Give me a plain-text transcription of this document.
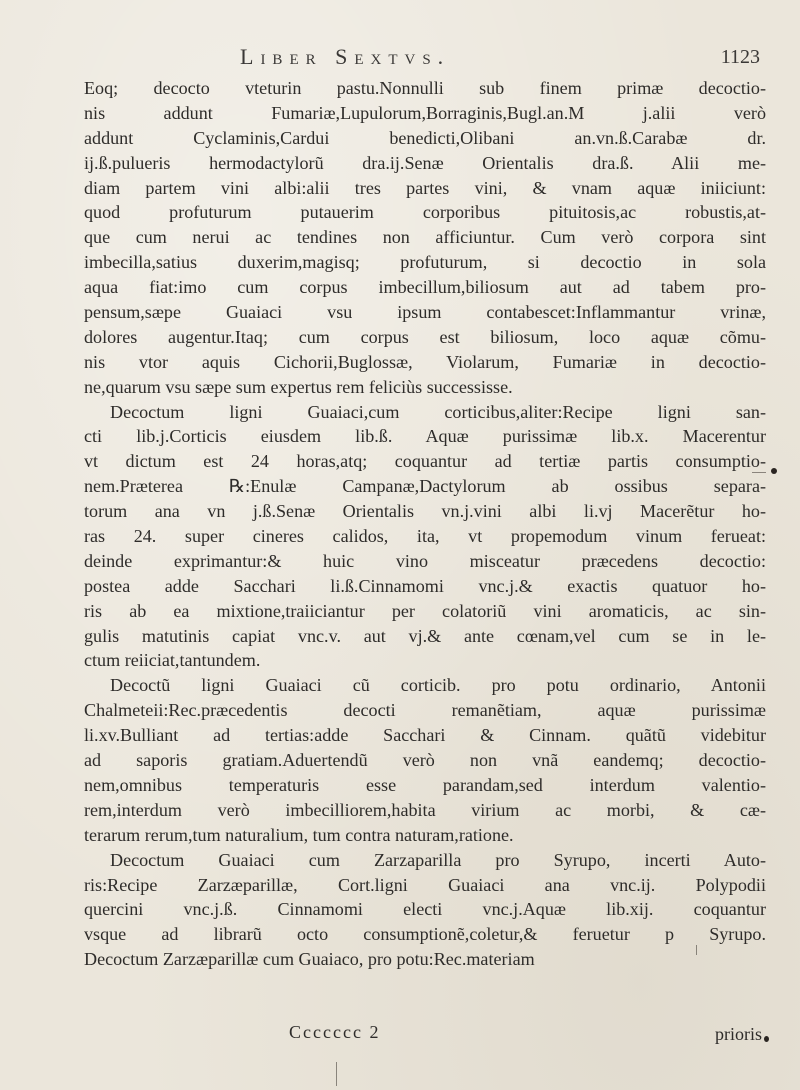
Liber Sextvs.	1123
Eoq; decocto vteturin pastu.Nonnulli sub finem primæ decoctio-
nis addunt Fumariæ,Lupulorum,Borraginis,Bugl.an.M j.alii verò
addunt Cyclaminis,Cardui benedicti,Olibani an.vn.ß.Carabæ dr.
ij.ß.pulueris hermodactylorũ dra.ij.Senæ Orientalis dra.ß. Alii me-
diam partem vini albi:alii tres partes vini, & vnam aquæ iniiciunt:
quod profuturum putauerim corporibus pituitosis,ac robustis,at-
que cum nerui ac tendines non afficiuntur. Cum verò corpora sint
imbecilla,satius duxerim,magisq; profuturum, si decoctio in sola
aqua fiat:imo cum corpus imbecillum,biliosum aut ad tabem pro-
pensum,sæpe Guaiaci vsu ipsum contabescet:Inflammantur vrinæ,
dolores augentur.Itaq; cum corpus est biliosum, loco aquæ cõmu-
nis vtor aquis Cichorii,Buglossæ, Violarum, Fumariæ in decoctio-
ne,quarum vsu sæpe sum expertus rem feliciùs successisse.
Decoctum ligni Guaiaci,cum corticibus,aliter:Recipe ligni san-
cti lib.j.Corticis eiusdem lib.ß. Aquæ purissimæ lib.x. Macerentur
vt dictum est 24 horas,atq; coquantur ad tertiæ partis consumptio-
nem.Præterea ℞:Enulæ Campanæ,Dactylorum ab ossibus separa-
torum ana vn j.ß.Senæ Orientalis vn.j.vini albi li.vj Macerẽtur ho-
ras 24. super cineres calidos, ita, vt propemodum vinum ferueat:
deinde exprimantur:& huic vino misceatur præcedens decoctio:
postea adde Sacchari li.ß.Cinnamomi vnc.j.& exactis quatuor ho-
ris ab ea mixtione,traiiciantur per colatoriũ vini aromaticis, ac sin-
gulis matutinis capiat vnc.v. aut vj.& ante cœnam,vel cum se in le-
ctum reiiciat,tantundem.
Decoctũ ligni Guaiaci cũ corticib. pro potu ordinario, Antonii
Chalmeteii:Rec.præcedentis decocti remanẽtiam, aquæ purissimæ
li.xv.Bulliant ad tertias:adde Sacchari & Cinnam. quãtũ videbitur
ad saporis gratiam.Aduertendũ verò non vnã eandemq; decoctio-
nem,omnibus temperaturis esse parandam,sed interdum valentio-
rem,interdum verò imbecilliorem,habita virium ac morbi, & cæ-
terarum rerum,tum naturalium, tum contra naturam,ratione.
Decoctum Guaiaci cum Zarzaparilla pro Syrupo, incerti Auto-
ris:Recipe Zarzæparillæ, Cort.ligni Guaiaci ana vnc.ij. Polypodii
quercini vnc.j.ß. Cinnamomi electi vnc.j.Aquæ lib.xij. coquantur
vsque ad librarũ octo consumptionẽ,coletur,& feruetur p Syrupo.
Decoctum Zarzæparillæ cum Guaiaco, pro potu:Rec.materiam
Ccccccc 2	prioris
